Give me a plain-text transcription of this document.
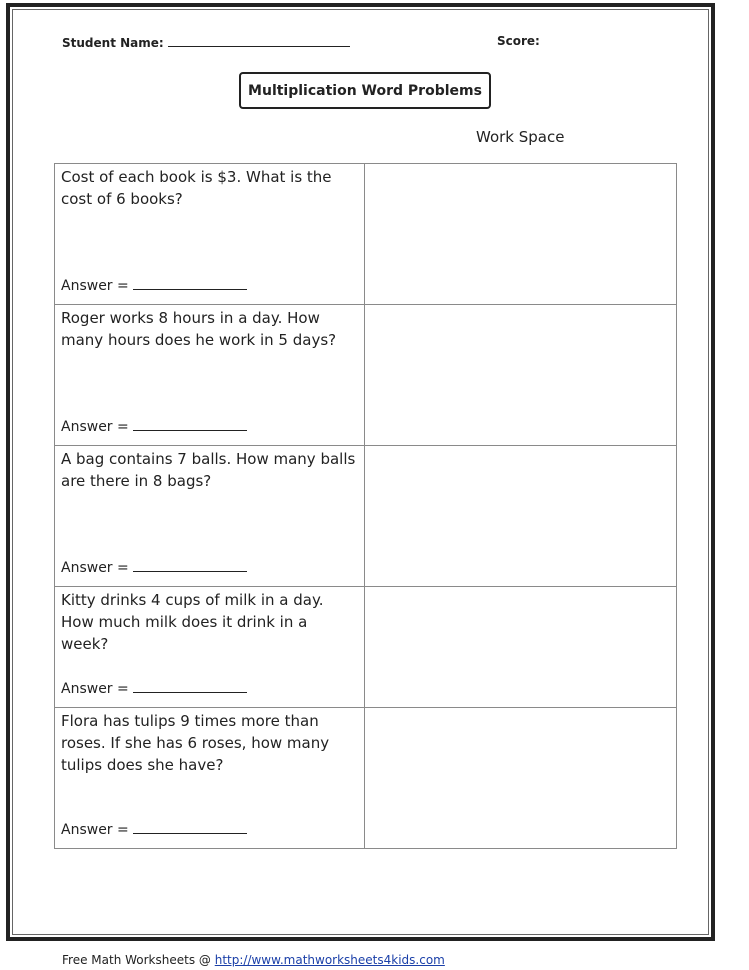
Student Name:	Score:
Multiplication Word Problems
Work Space

Cost of each book is $3. What is the cost of 6 books?

Answer =	

Roger works 8 hours in a day. How many hours does he work in 5 days?

Answer =	

A bag contains 7 balls. How many balls are there in 8 bags?

Answer =	

Kitty drinks 4 cups of milk in a day. How much milk does it drink in a week?

Answer =	

Flora has tulips 9 times more than roses. If she has 6 roses, how many tulips does she have?

Answer =	

Free Math Worksheets @ http://www.mathworksheets4kids.com
